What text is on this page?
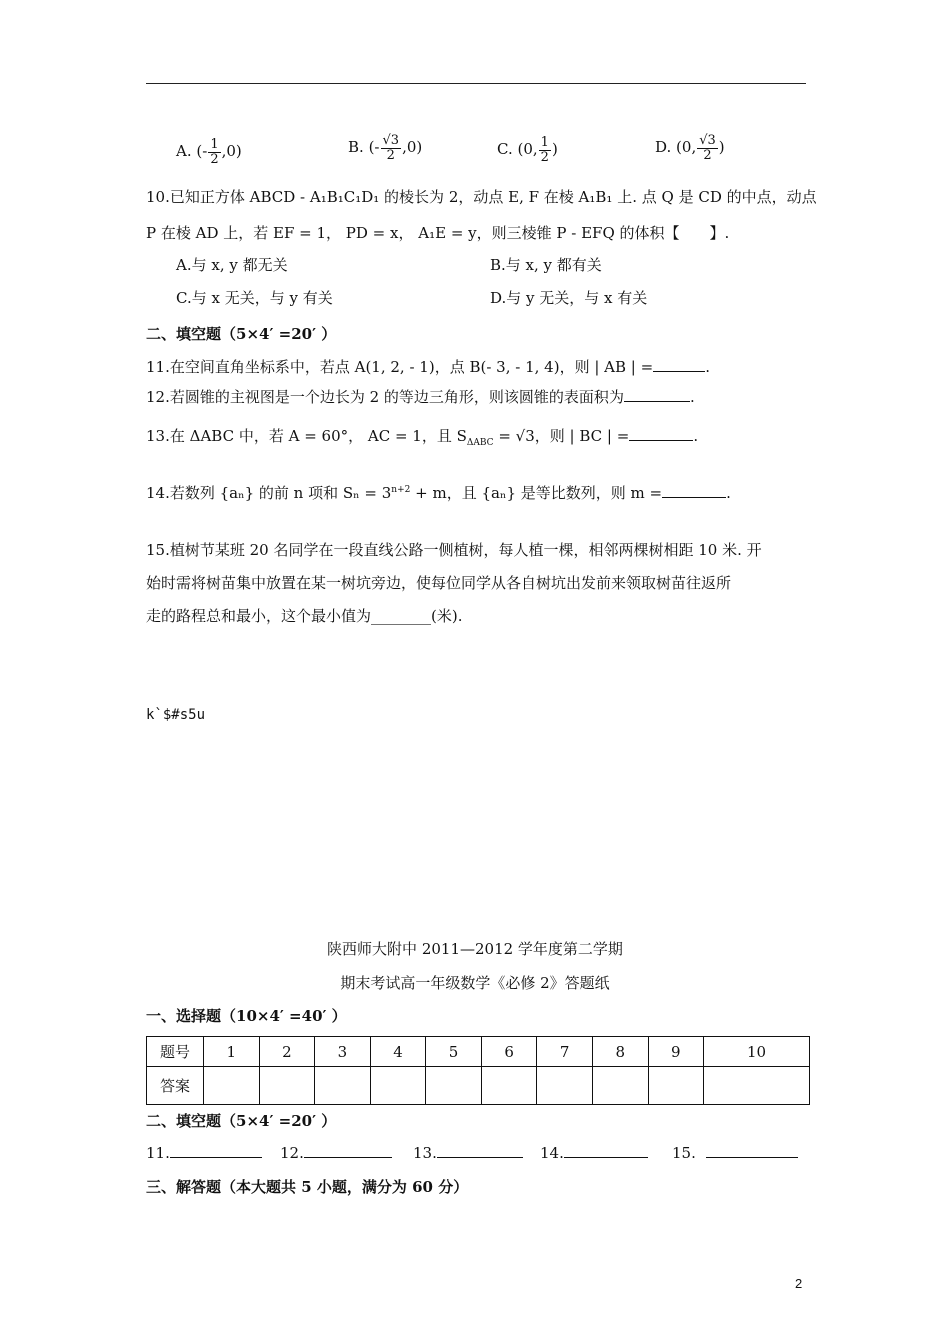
A. (- $\frac{1}{2} ,0$)	B. (- $\frac{√3}{2} ,0$)	C. (0, $\frac{1}{2}$ )	D. (0, $\frac{√3}{2}$ )
10.已知正方体 ABCD - A₁B₁C₁D₁ 的棱长为 2，动点 E, F 在棱 A₁B₁ 上. 点 Q 是 CD 的中点，动点
P 在棱 AD 上，若 EF = 1， PD = x， A₁E = y，则三棱锥 P - EFQ 的体积【　　】.
A.与 x, y 都无关	B.与 x, y 都有关
C.与 x 无关，与 y 有关	D.与 y 无关，与 x 有关
二、填空题（5×4′ =20′ ）
11.在空间直角坐标系中，若点 A(1, 2, - 1)，点 B(- 3, - 1, 4)，则 | AB | =	.
12.若圆锥的主视图是一个边长为 2 的等边三角形，则该圆锥的表面积为	.
13.在 ΔABC 中，若 A = 60°， AC = 1，且 $S_{\Delta ABC} = √3$，则 | BC | =	.
14.若数列 {aₙ} 的前 n 项和 $S_n = 3^{n+2} + m$，且 {aₙ} 是等比数列，则 m =	.
15.植树节某班 20 名同学在一段直线公路一侧植树，每人植一棵，相邻两棵树相距 10 米. 开
始时需将树苗集中放置在某一树坑旁边，使每位同学从各自树坑出发前来领取树苗往返所
走的路程总和最小，这个最小值为________(米).
k`$#s5u
陕西师大附中 2011—2012 学年度第二学期
期末考试高一年级数学《必修 2》答题纸
一、选择题（10×4′ =40′ ）
题号	1	2	3	4	5	6	7	8	9	10
答案										
二、填空题（5×4′ =20′ ）
11.	12.	13.	14.	15.
三、解答题（本大题共 5 小题，满分为 60 分）
2
